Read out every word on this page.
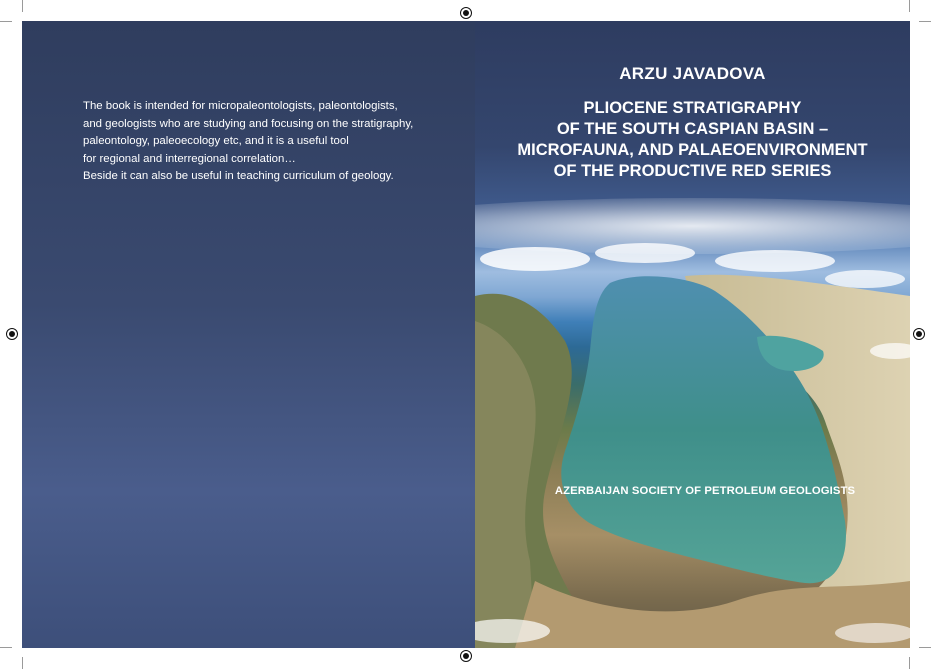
The book is intended for micropaleontologists, paleontologists,
and geologists who are studying and focusing on the stratigraphy,
paleontology, paleoecology etc, and it is a useful tool
for regional and interregional correlation…
Beside it can also be useful in teaching curriculum of geology.

ARZU JAVADOVA

PLIOCENE STRATIGRAPHY
OF THE SOUTH CASPIAN BASIN –
MICROFAUNA, AND PALAEOENVIRONMENT
OF THE PRODUCTIVE RED SERIES

AZERBAIJAN SOCIETY OF PETROLEUM GEOLOGISTS
